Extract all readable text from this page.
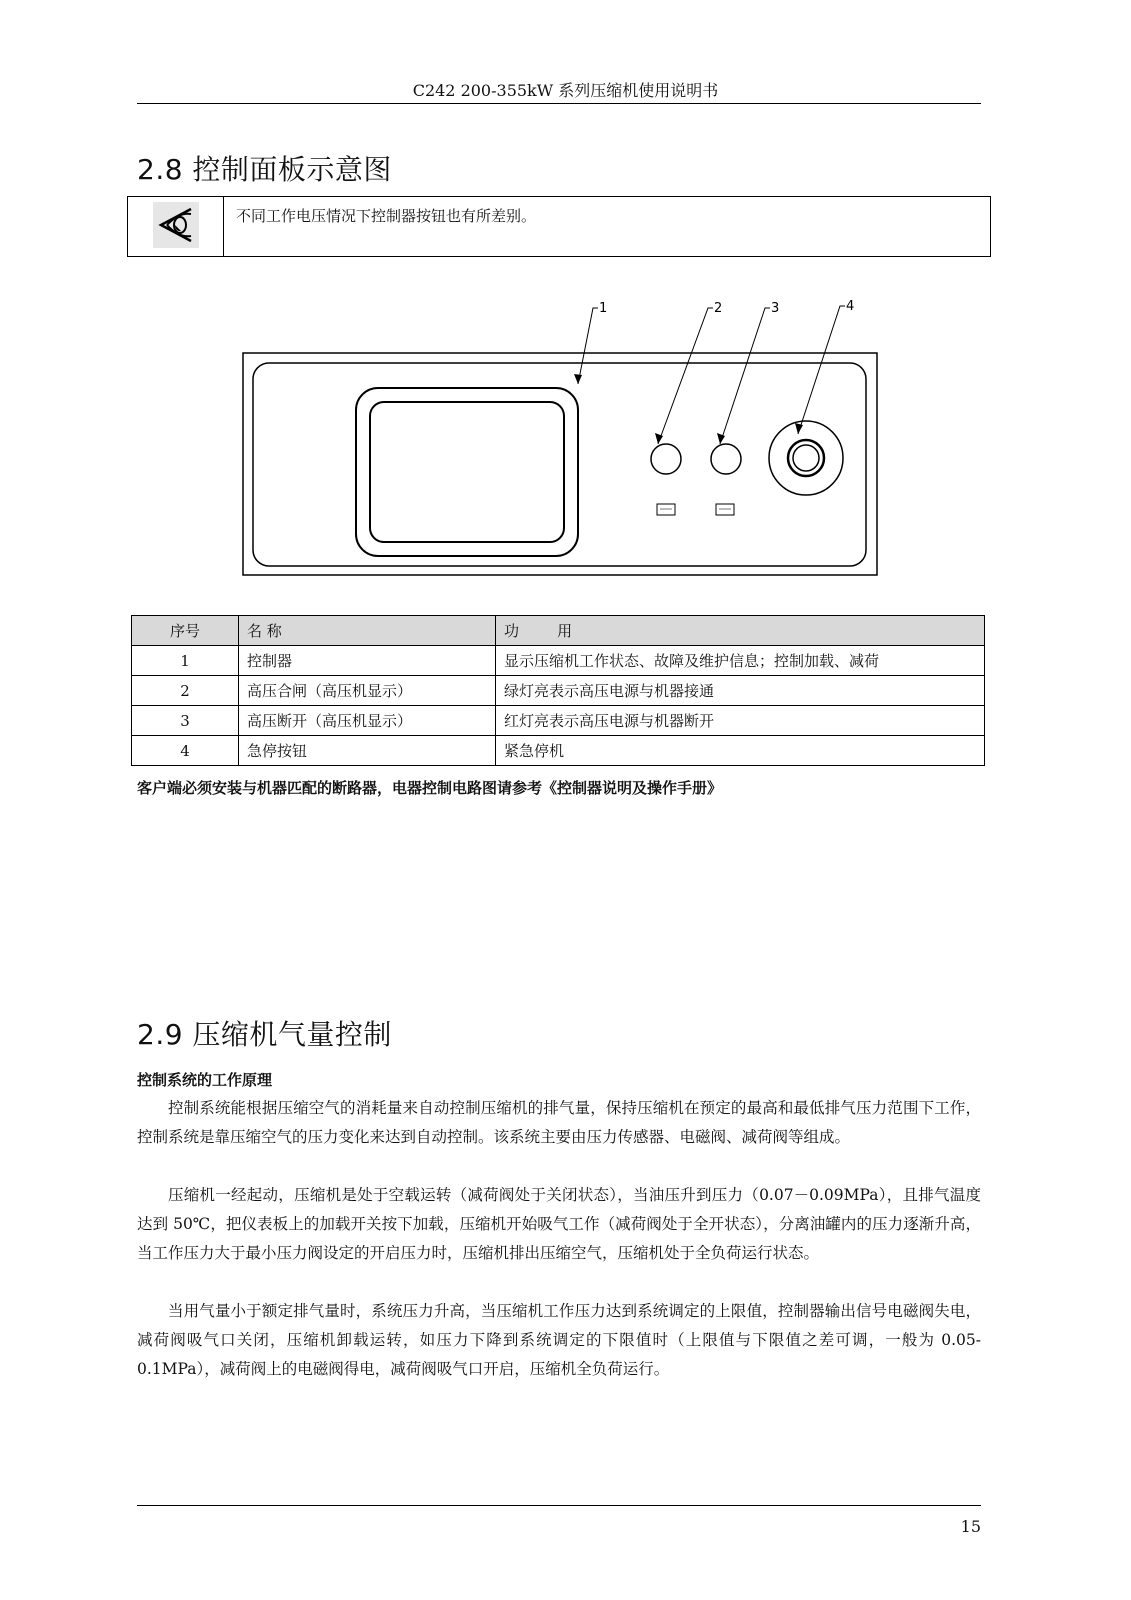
C242 200-355kW 系列压缩机使用说明书
2.8 控制面板示意图
不同工作电压情况下控制器按钮也有所差别。
1	2	3	4
序号	名 称	功        用
1	控制器	显示压缩机工作状态、故障及维护信息；控制加载、减荷
2	高压合闸（高压机显示）	绿灯亮表示高压电源与机器接通
3	高压断开（高压机显示）	红灯亮表示高压电源与机器断开
4	急停按钮	紧急停机
客户端必须安装与机器匹配的断路器，电器控制电路图请参考《控制器说明及操作手册》
2.9 压缩机气量控制
控制系统的工作原理
控制系统能根据压缩空气的消耗量来自动控制压缩机的排气量，保持压缩机在预定的最高和最低排气压力范围下工作，控制系统是靠压缩空气的压力变化来达到自动控制。该系统主要由压力传感器、电磁阀、减荷阀等组成。
压缩机一经起动，压缩机是处于空载运转（减荷阀处于关闭状态），当油压升到压力（0.07－0.09MPa），且排气温度达到 50℃，把仪表板上的加载开关按下加载，压缩机开始吸气工作（减荷阀处于全开状态），分离油罐内的压力逐渐升高，当工作压力大于最小压力阀设定的开启压力时，压缩机排出压缩空气，压缩机处于全负荷运行状态。
当用气量小于额定排气量时，系统压力升高，当压缩机工作压力达到系统调定的上限值，控制器输出信号电磁阀失电，减荷阀吸气口关闭，压缩机卸载运转，如压力下降到系统调定的下限值时（上限值与下限值之差可调，一般为 0.05-0.1MPa），减荷阀上的电磁阀得电，减荷阀吸气口开启，压缩机全负荷运行。
15
